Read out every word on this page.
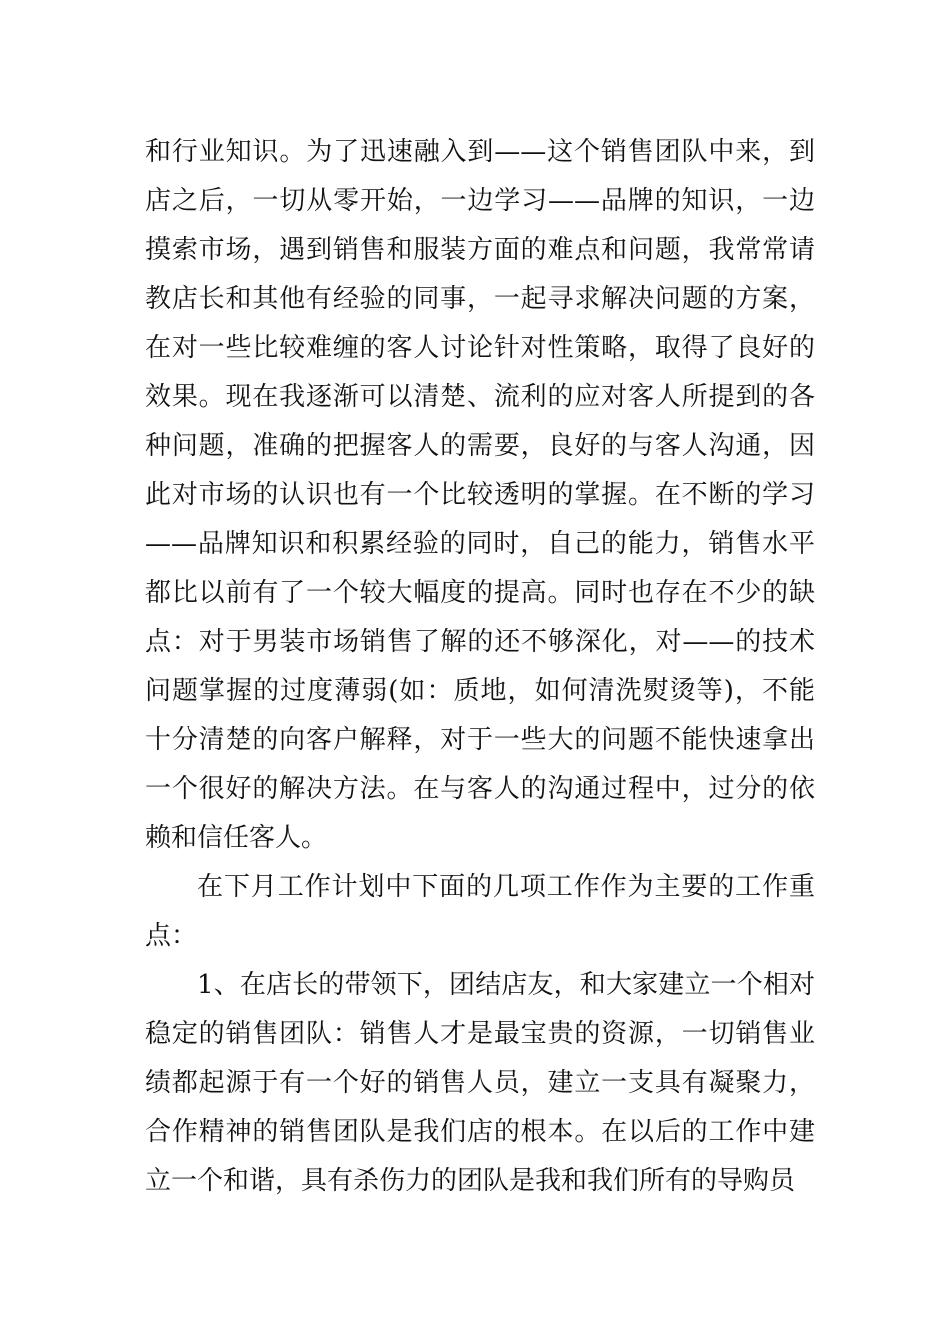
和行业知识。为了迅速融入到——这个销售团队中来，到店之后，一切从零开始，一边学习——品牌的知识，一边摸索市场，遇到销售和服装方面的难点和问题，我常常请教店长和其他有经验的同事，一起寻求解决问题的方案，在对一些比较难缠的客人讨论针对性策略，取得了良好的效果。现在我逐渐可以清楚、流利的应对客人所提到的各种问题，准确的把握客人的需要，良好的与客人沟通，因此对市场的认识也有一个比较透明的掌握。在不断的学习——品牌知识和积累经验的同时，自己的能力，销售水平都比以前有了一个较大幅度的提高。同时也存在不少的缺点：对于男装市场销售了解的还不够深化，对——的技术问题掌握的过度薄弱(如：质地，如何清洗熨烫等)，不能十分清楚的向客户解释，对于一些大的问题不能快速拿出一个很好的解决方法。在与客人的沟通过程中，过分的依赖和信任客人。

在下月工作计划中下面的几项工作作为主要的工作重点：

1、在店长的带领下，团结店友，和大家建立一个相对稳定的销售团队：销售人才是最宝贵的资源，一切销售业绩都起源于有一个好的销售人员，建立一支具有凝聚力，合作精神的销售团队是我们店的根本。在以后的工作中建立一个和谐，具有杀伤力的团队是我和我们所有的导购员
